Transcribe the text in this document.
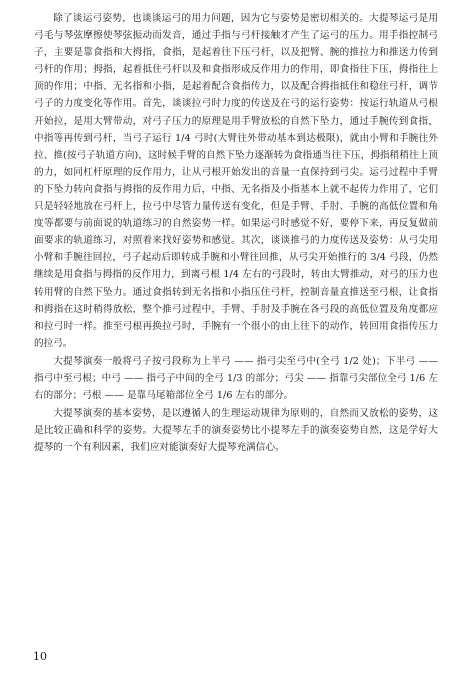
除了谈运弓姿势，也谈谈运弓的用力问题，因为它与姿势是密切相关的。大提琴运弓是用弓毛与琴弦摩擦使琴弦振动而发音，通过手指与弓杆接触才产生了运弓的压力。用手指控制弓子，主要是靠食指和大拇指，食指，是起着往下压弓杆，以及把臂、腕的推拉力和推送力传到弓杆的作用；拇指，起着抵住弓杆以及和食指形成反作用力的作用，即食指往下压，拇指往上顶的作用；中指、无名指和小指，是起着配合食指传力，以及配合拇指抵住和稳住弓杆，调节弓子的力度变化等作用。首先，谈谈拉弓时力度的传送及在弓的运行姿势：按运行轨道从弓根开始拉，是用大臂带动，对弓子压力的原理是用手臂放松的自然下坠力，通过手腕传到食指，中指等再传到弓杆，当弓子运行 1/4 弓时(大臂往外带动基本到达极限)，就由小臂和手腕往外拉、推(按弓子轨道方向)，这时候手臂的自然下坠力逐渐转为食指通当往下压，拇指稍稍往上顶的力，如同杠杆原理的反作用力，让从弓根开始发出的音量一直保持到弓尖。运弓过程中手臂的下坠力转向食指与拇指的反作用力后，中指、无名指及小指基本上就不起传力作用了，它们只是轻轻地放在弓杆上，拉弓中尽管力量传送有变化，但是手臂、手肘、手腕的高低位置和角度等都要与前面说的轨道练习的自然姿势一样。如果运弓时感觉不好，要停下来，再反复做前面要求的轨道练习，对照着来找好姿势和感觉。其次，谈谈推弓的力度传送及姿势：从弓尖用小臂和手腕往回拉，弓子起动后即转成手腕和小臂往回推，从弓尖开始推行的 3/4 弓段，仍然继续是用食指与拇指的反作用力，到离弓根 1/4 左右的弓段时，转由大臂推动，对弓的压力也转用臂的自然下坠力。通过食指转到无名指和小指压住弓杆，控制音量直推送至弓根，让食指和拇指在这时稍得放松，整个推弓过程中，手臂、手肘及手腕在各弓段的高低位置及角度都应和拉弓时一样。推至弓根再换拉弓时，手腕有一个很小的由上往下的动作，转回用食指传压力的拉弓。

大提琴演奏一般将弓子按弓段称为上半弓 —— 指弓尖至弓中(全弓 1/2 处)；下半弓 —— 指弓中至弓根；中弓 —— 指弓子中间的全弓 1/3 的部分；弓尖 —— 指靠弓尖部位全弓 1/6 左右的部分；弓根 —— 是靠马尾箱部位全弓 1/6 左右的部分。

大提琴演奏的基本姿势，是以遵循人的生理运动规律为原则的，自然而又放松的姿势，这是比较正确和科学的姿势。大提琴左手的演奏姿势比小提琴左手的演奏姿势自然，这是学好大提琴的一个有利因素，我们应对能演奏好大提琴充满信心。

10
